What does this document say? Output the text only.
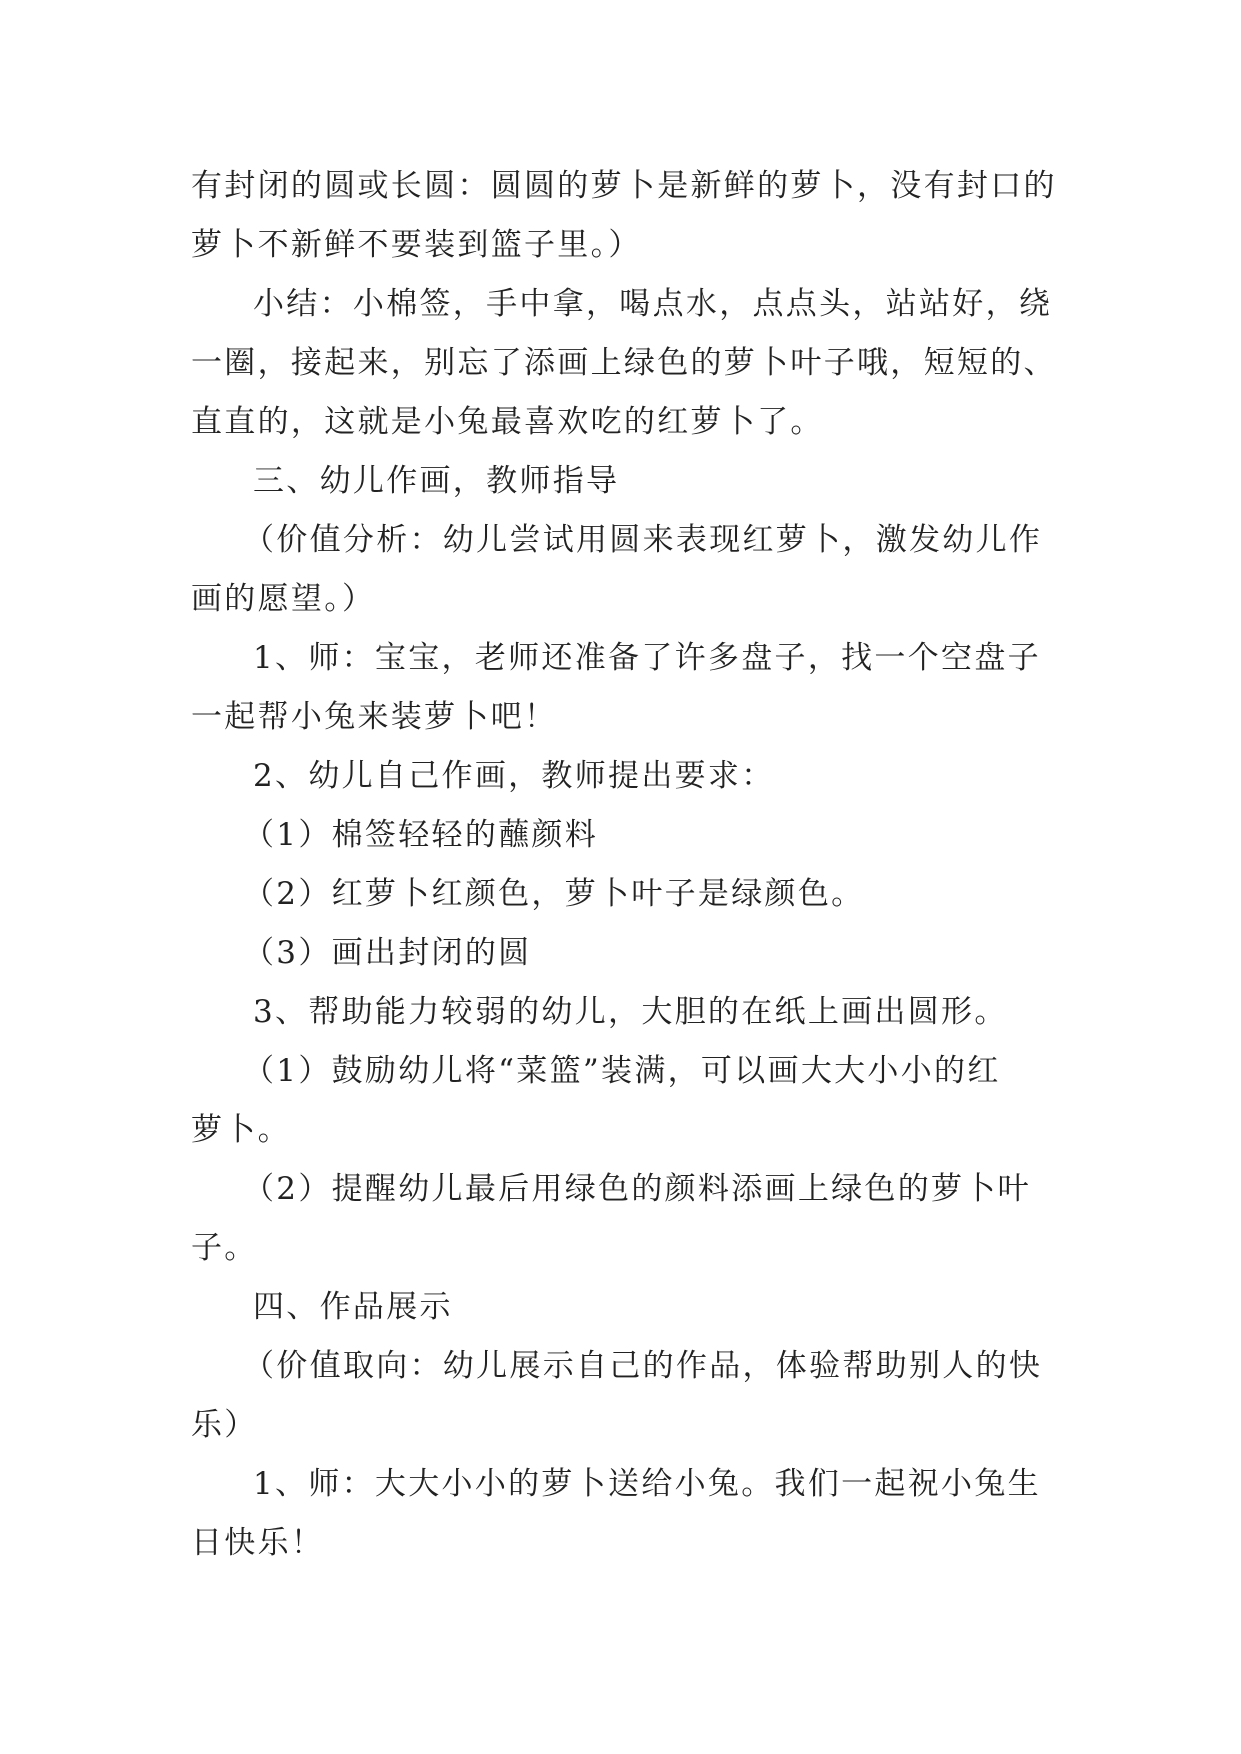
有封闭的圆或长圆：圆圆的萝卜是新鲜的萝卜，没有封口的
萝卜不新鲜不要装到篮子里。）
小结：小棉签，手中拿，喝点水，点点头，站站好，绕
一圈，接起来，别忘了添画上绿色的萝卜叶子哦，短短的、
直直的，这就是小兔最喜欢吃的红萝卜了。
三、幼儿作画，教师指导
（价值分析：幼儿尝试用圆来表现红萝卜，激发幼儿作
画的愿望。）
1、师：宝宝，老师还准备了许多盘子，找一个空盘子
一起帮小兔来装萝卜吧！
2、幼儿自己作画，教师提出要求：
（1）棉签轻轻的蘸颜料
（2）红萝卜红颜色，萝卜叶子是绿颜色。
（3）画出封闭的圆
3、帮助能力较弱的幼儿，大胆的在纸上画出圆形。
（1）鼓励幼儿将“菜篮”装满，可以画大大小小的红
萝卜。
（2）提醒幼儿最后用绿色的颜料添画上绿色的萝卜叶
子。
四、作品展示
（价值取向：幼儿展示自己的作品，体验帮助别人的快
乐）
1、师：大大小小的萝卜送给小兔。我们一起祝小兔生
日快乐！
